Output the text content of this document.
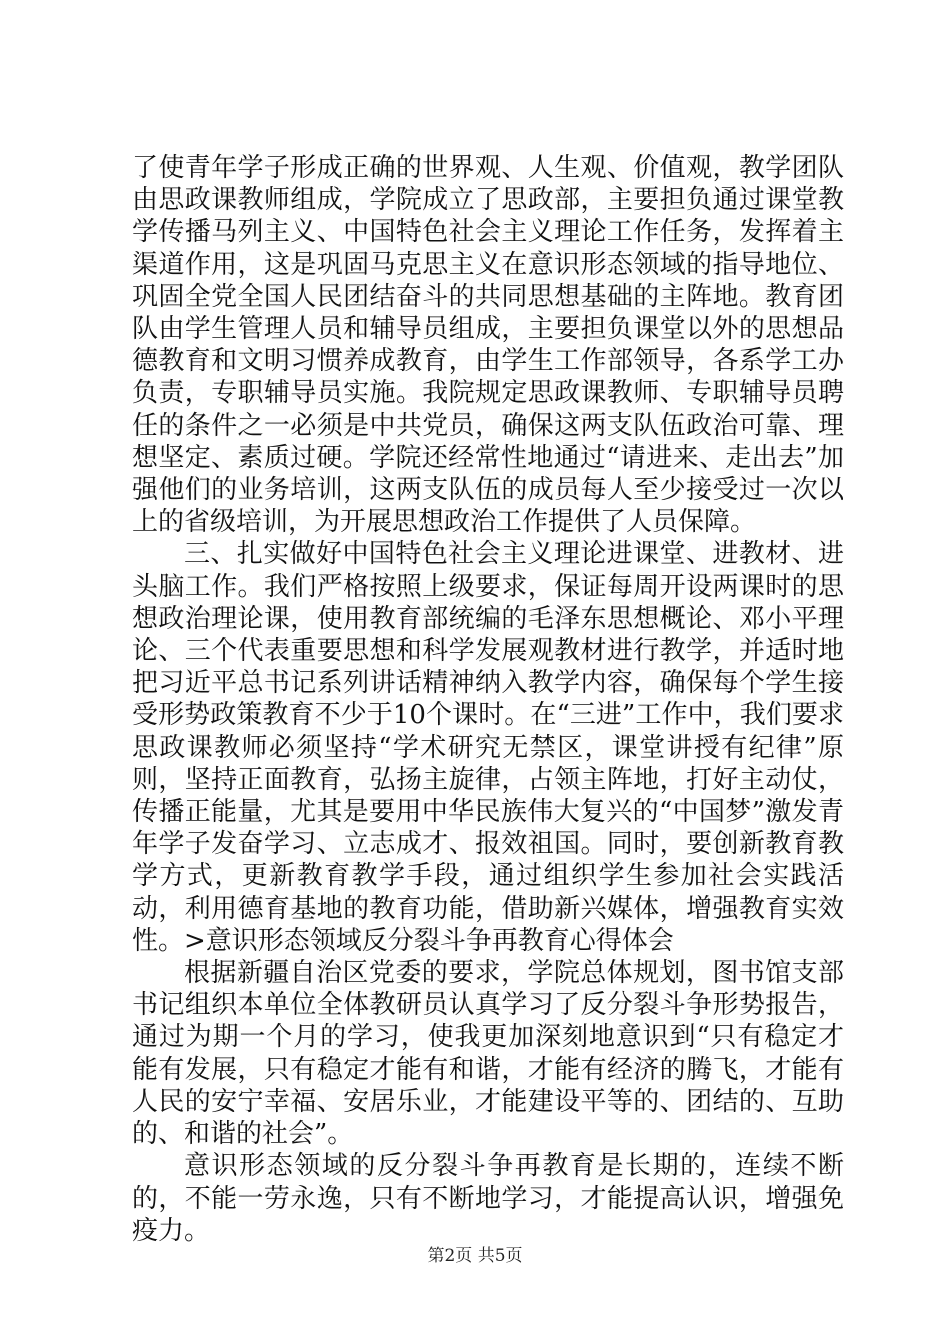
了使青年学子形成正确的世界观、人生观、价值观，教学团队由思政课教师组成，学院成立了思政部，主要担负通过课堂教学传播马列主义、中国特色社会主义理论工作任务，发挥着主渠道作用，这是巩固马克思主义在意识形态领域的指导地位、巩固全党全国人民团结奋斗的共同思想基础的主阵地。教育团队由学生管理人员和辅导员组成，主要担负课堂以外的思想品德教育和文明习惯养成教育，由学生工作部领导，各系学工办负责，专职辅导员实施。我院规定思政课教师、专职辅导员聘任的条件之一必须是中共党员，确保这两支队伍政治可靠、理想坚定、素质过硬。学院还经常性地通过“请进来、走出去”加强他们的业务培训，这两支队伍的成员每人至少接受过一次以上的省级培训，为开展思想政治工作提供了人员保障。

三、扎实做好中国特色社会主义理论进课堂、进教材、进头脑工作。我们严格按照上级要求，保证每周开设两课时的思想政治理论课，使用教育部统编的毛泽东思想概论、邓小平理论、三个代表重要思想和科学发展观教材进行教学，并适时地把习近平总书记系列讲话精神纳入教学内容，确保每个学生接受形势政策教育不少于10个课时。在“三进”工作中，我们要求思政课教师必须坚持“学术研究无禁区，课堂讲授有纪律”原则，坚持正面教育，弘扬主旋律，占领主阵地，打好主动仗，传播正能量，尤其是要用中华民族伟大复兴的“中国梦”激发青年学子发奋学习、立志成才、报效祖国。同时，要创新教育教学方式，更新教育教学手段，通过组织学生参加社会实践活动，利用德育基地的教育功能，借助新兴媒体，增强教育实效性。>意识形态领域反分裂斗争再教育心得体会

根据新疆自治区党委的要求，学院总体规划，图书馆支部书记组织本单位全体教研员认真学习了反分裂斗争形势报告，通过为期一个月的学习，使我更加深刻地意识到“只有稳定才能有发展，只有稳定才能有和谐，才能有经济的腾飞，才能有人民的安宁幸福、安居乐业，才能建设平等的、团结的、互助的、和谐的社会”。

意识形态领域的反分裂斗争再教育是长期的，连续不断的，不能一劳永逸，只有不断地学习，才能提高认识，增强免疫力。

第2页 共5页
